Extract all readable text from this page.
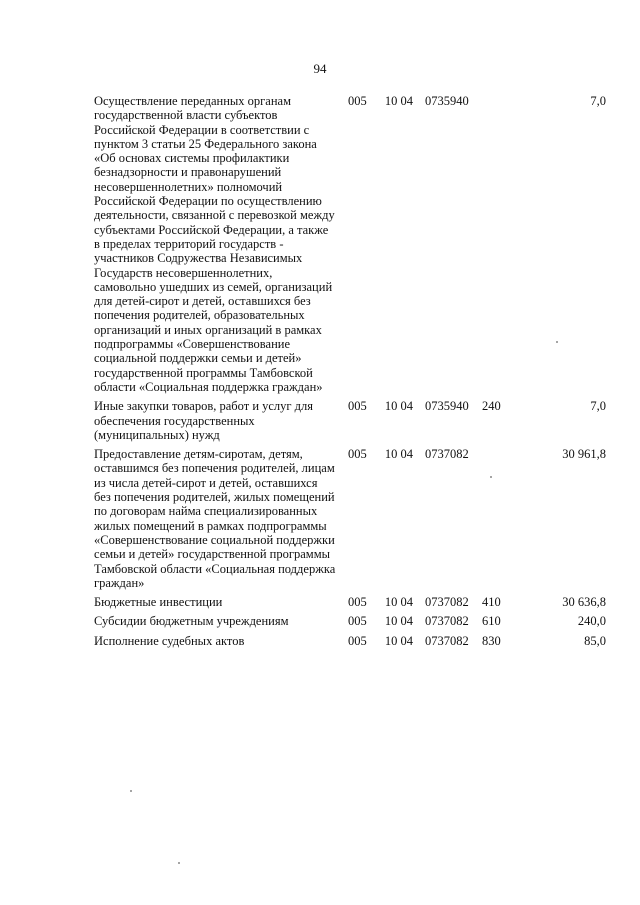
94
Осуществление переданных органам государственной власти субъектов Российской Федерации в соответствии с пунктом 3 статьи 25 Федерального закона «Об основах системы профилактики безнадзорности и правонарушений несовершеннолетних» полномочий Российской Федерации по осуществлению деятельности, связанной с перевозкой между субъектами Российской Федерации, а также в пределах территорий государств - участников Содружества Независимых Государств несовершеннолетних, самовольно ушедших из семей, организаций для детей-сирот и детей, оставшихся без попечения родителей, образовательных организаций и иных организаций в рамках подпрограммы «Совершенствование социальной поддержки семьи и детей» государственной программы Тамбовской области «Социальная поддержка граждан»	005	10 04	0735940		7,0
Иные закупки товаров, работ и услуг для обеспечения государственных (муниципальных) нужд	005	10 04	0735940	240	7,0
Предоставление детям-сиротам, детям, оставшимся без попечения родителей, лицам из числа детей-сирот и детей, оставшихся без попечения родителей, жилых помещений по договорам найма специализированных жилых помещений в рамках подпрограммы «Совершенствование социальной поддержки семьи и детей» государственной программы Тамбовской области «Социальная поддержка граждан»	005	10 04	0737082		30 961,8
Бюджетные инвестиции	005	10 04	0737082	410	30 636,8
Субсидии бюджетным учреждениям	005	10 04	0737082	610	240,0
Исполнение судебных актов	005	10 04	0737082	830	85,0
